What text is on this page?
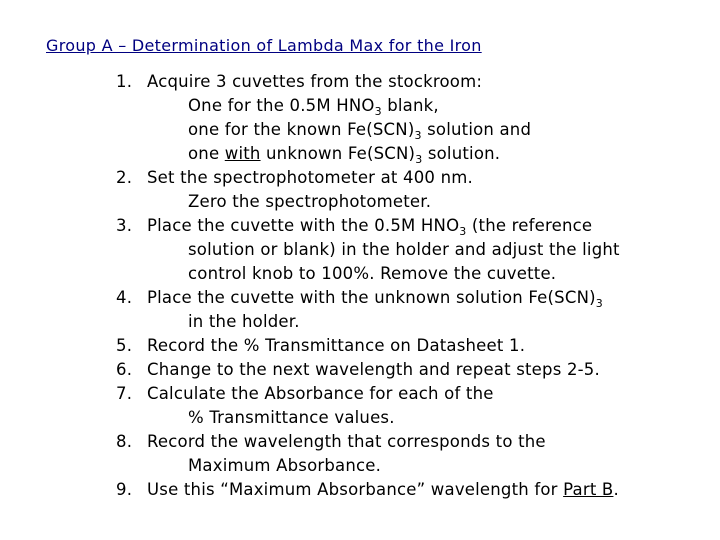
Group A – Determination of Lambda Max for the Iron
1. Acquire 3 cuvettes from the stockroom:
One for the 0.5M $HNO_3$ blank,
one for the known $Fe(SCN)_3$ solution and
one with unknown $Fe(SCN)_3$ solution.
2. Set the spectrophotometer at 400 nm.
Zero the spectrophotometer.
3. Place the cuvette with the 0.5M $HNO_3$ (the reference
solution or blank) in the holder and adjust the light
control knob to 100%. Remove the cuvette.
4. Place the cuvette with the unknown solution $Fe(SCN)_3$
in the holder.
5. Record the % Transmittance on Datasheet 1.
6. Change to the next wavelength and repeat steps 2-5.
7. Calculate the Absorbance for each of the
% Transmittance values.
8. Record the wavelength that corresponds to the
Maximum Absorbance.
9. Use this “Maximum Absorbance” wavelength for Part B.
